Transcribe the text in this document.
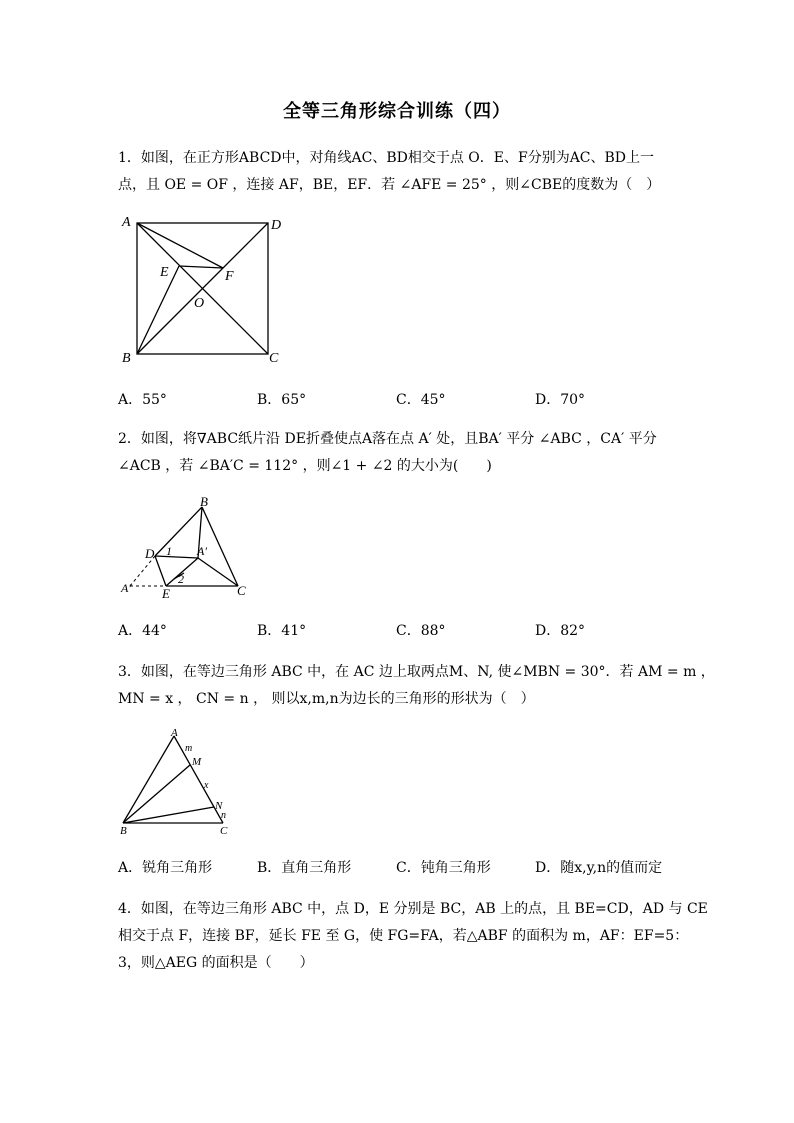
全等三角形综合训练（四）
1．如图，在正方形ABCD中，对角线AC、BD相交于点 O．E、F分别为AC、BD上一
点，且 OE = OF ，连接 AF，BE，EF．若 ∠AFE = 25° ，则∠CBE的度数为（　）
A	D
B	C
E	F
O
A．55°	B．65°	C．45°	D．70°
2．如图，将∇ABC纸片沿 DE折叠使点A落在点 A′ 处，且BA′ 平分 ∠ABC ，CA′ 平分
∠ACB ，若 ∠BA′C = 112° ，则∠1 + ∠2 的大小为(　　)
B
D 1 A′
2
A′ E	C
A．44°	B．41°	C．88°	D．82°
3．如图，在等边三角形 ABC 中，在 AC 边上取两点M、N, 使∠MBN = 30°．若 AM = m ，
MN = x ， CN = n ， 则以x,m,n为边长的三角形的形状为（　）
A
m
M
x
N
n
B	C
A．锐角三角形	B．直角三角形	C．钝角三角形	D．随x,y,n的值而定
4．如图，在等边三角形 ABC 中，点 D，E 分别是 BC，AB 上的点，且 BE=CD，AD 与 CE
相交于点 F，连接 BF，延长 FE 至 G，使 FG=FA，若△ABF 的面积为 m，AF：EF=5：
3，则△AEG 的面积是（　　）
